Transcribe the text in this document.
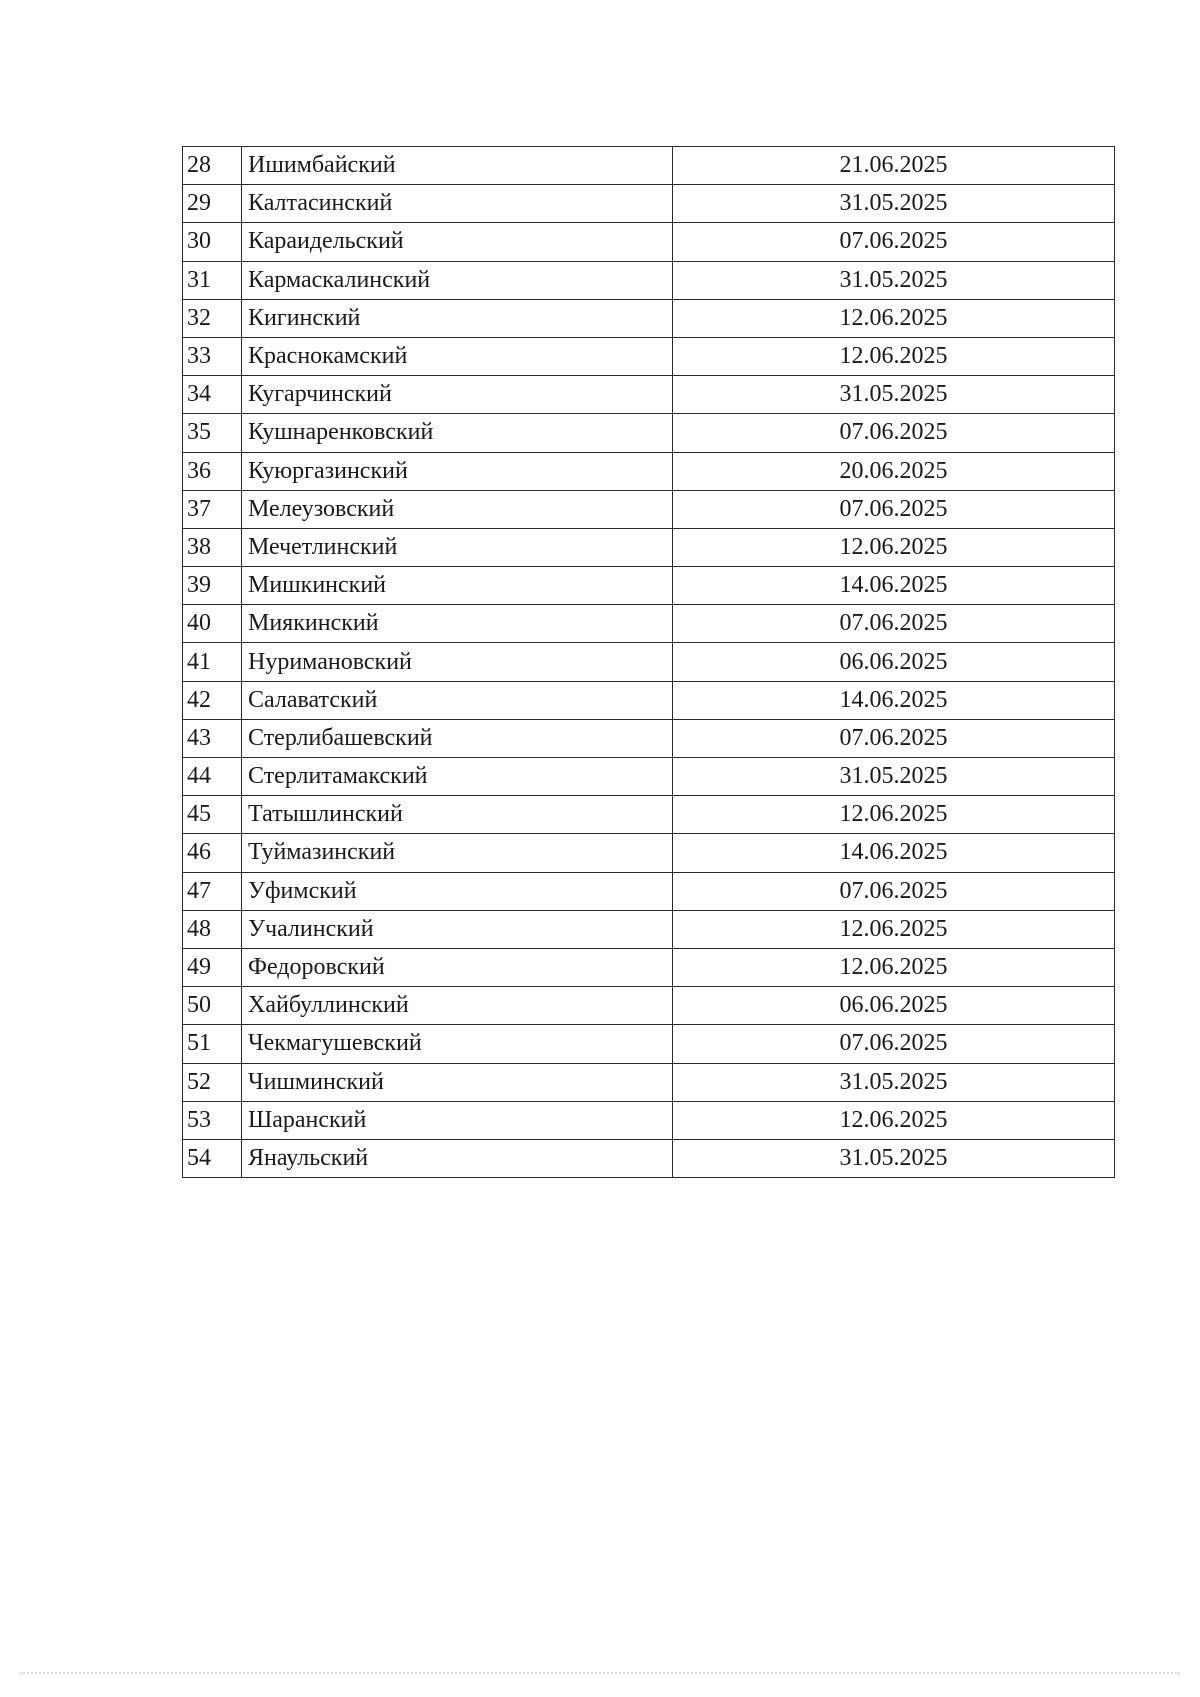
28	Ишимбайский	21.06.2025
29	Калтасинский	31.05.2025
30	Караидельский	07.06.2025
31	Кармаскалинский	31.05.2025
32	Кигинский	12.06.2025
33	Краснокамский	12.06.2025
34	Кугарчинский	31.05.2025
35	Кушнаренковский	07.06.2025
36	Куюргазинский	20.06.2025
37	Мелеузовский	07.06.2025
38	Мечетлинский	12.06.2025
39	Мишкинский	14.06.2025
40	Миякинский	07.06.2025
41	Нуримановский	06.06.2025
42	Салаватский	14.06.2025
43	Стерлибашевский	07.06.2025
44	Стерлитамакский	31.05.2025
45	Татышлинский	12.06.2025
46	Туймазинский	14.06.2025
47	Уфимский	07.06.2025
48	Учалинский	12.06.2025
49	Федоровский	12.06.2025
50	Хайбуллинский	06.06.2025
51	Чекмагушевский	07.06.2025
52	Чишминский	31.05.2025
53	Шаранский	12.06.2025
54	Янаульский	31.05.2025
